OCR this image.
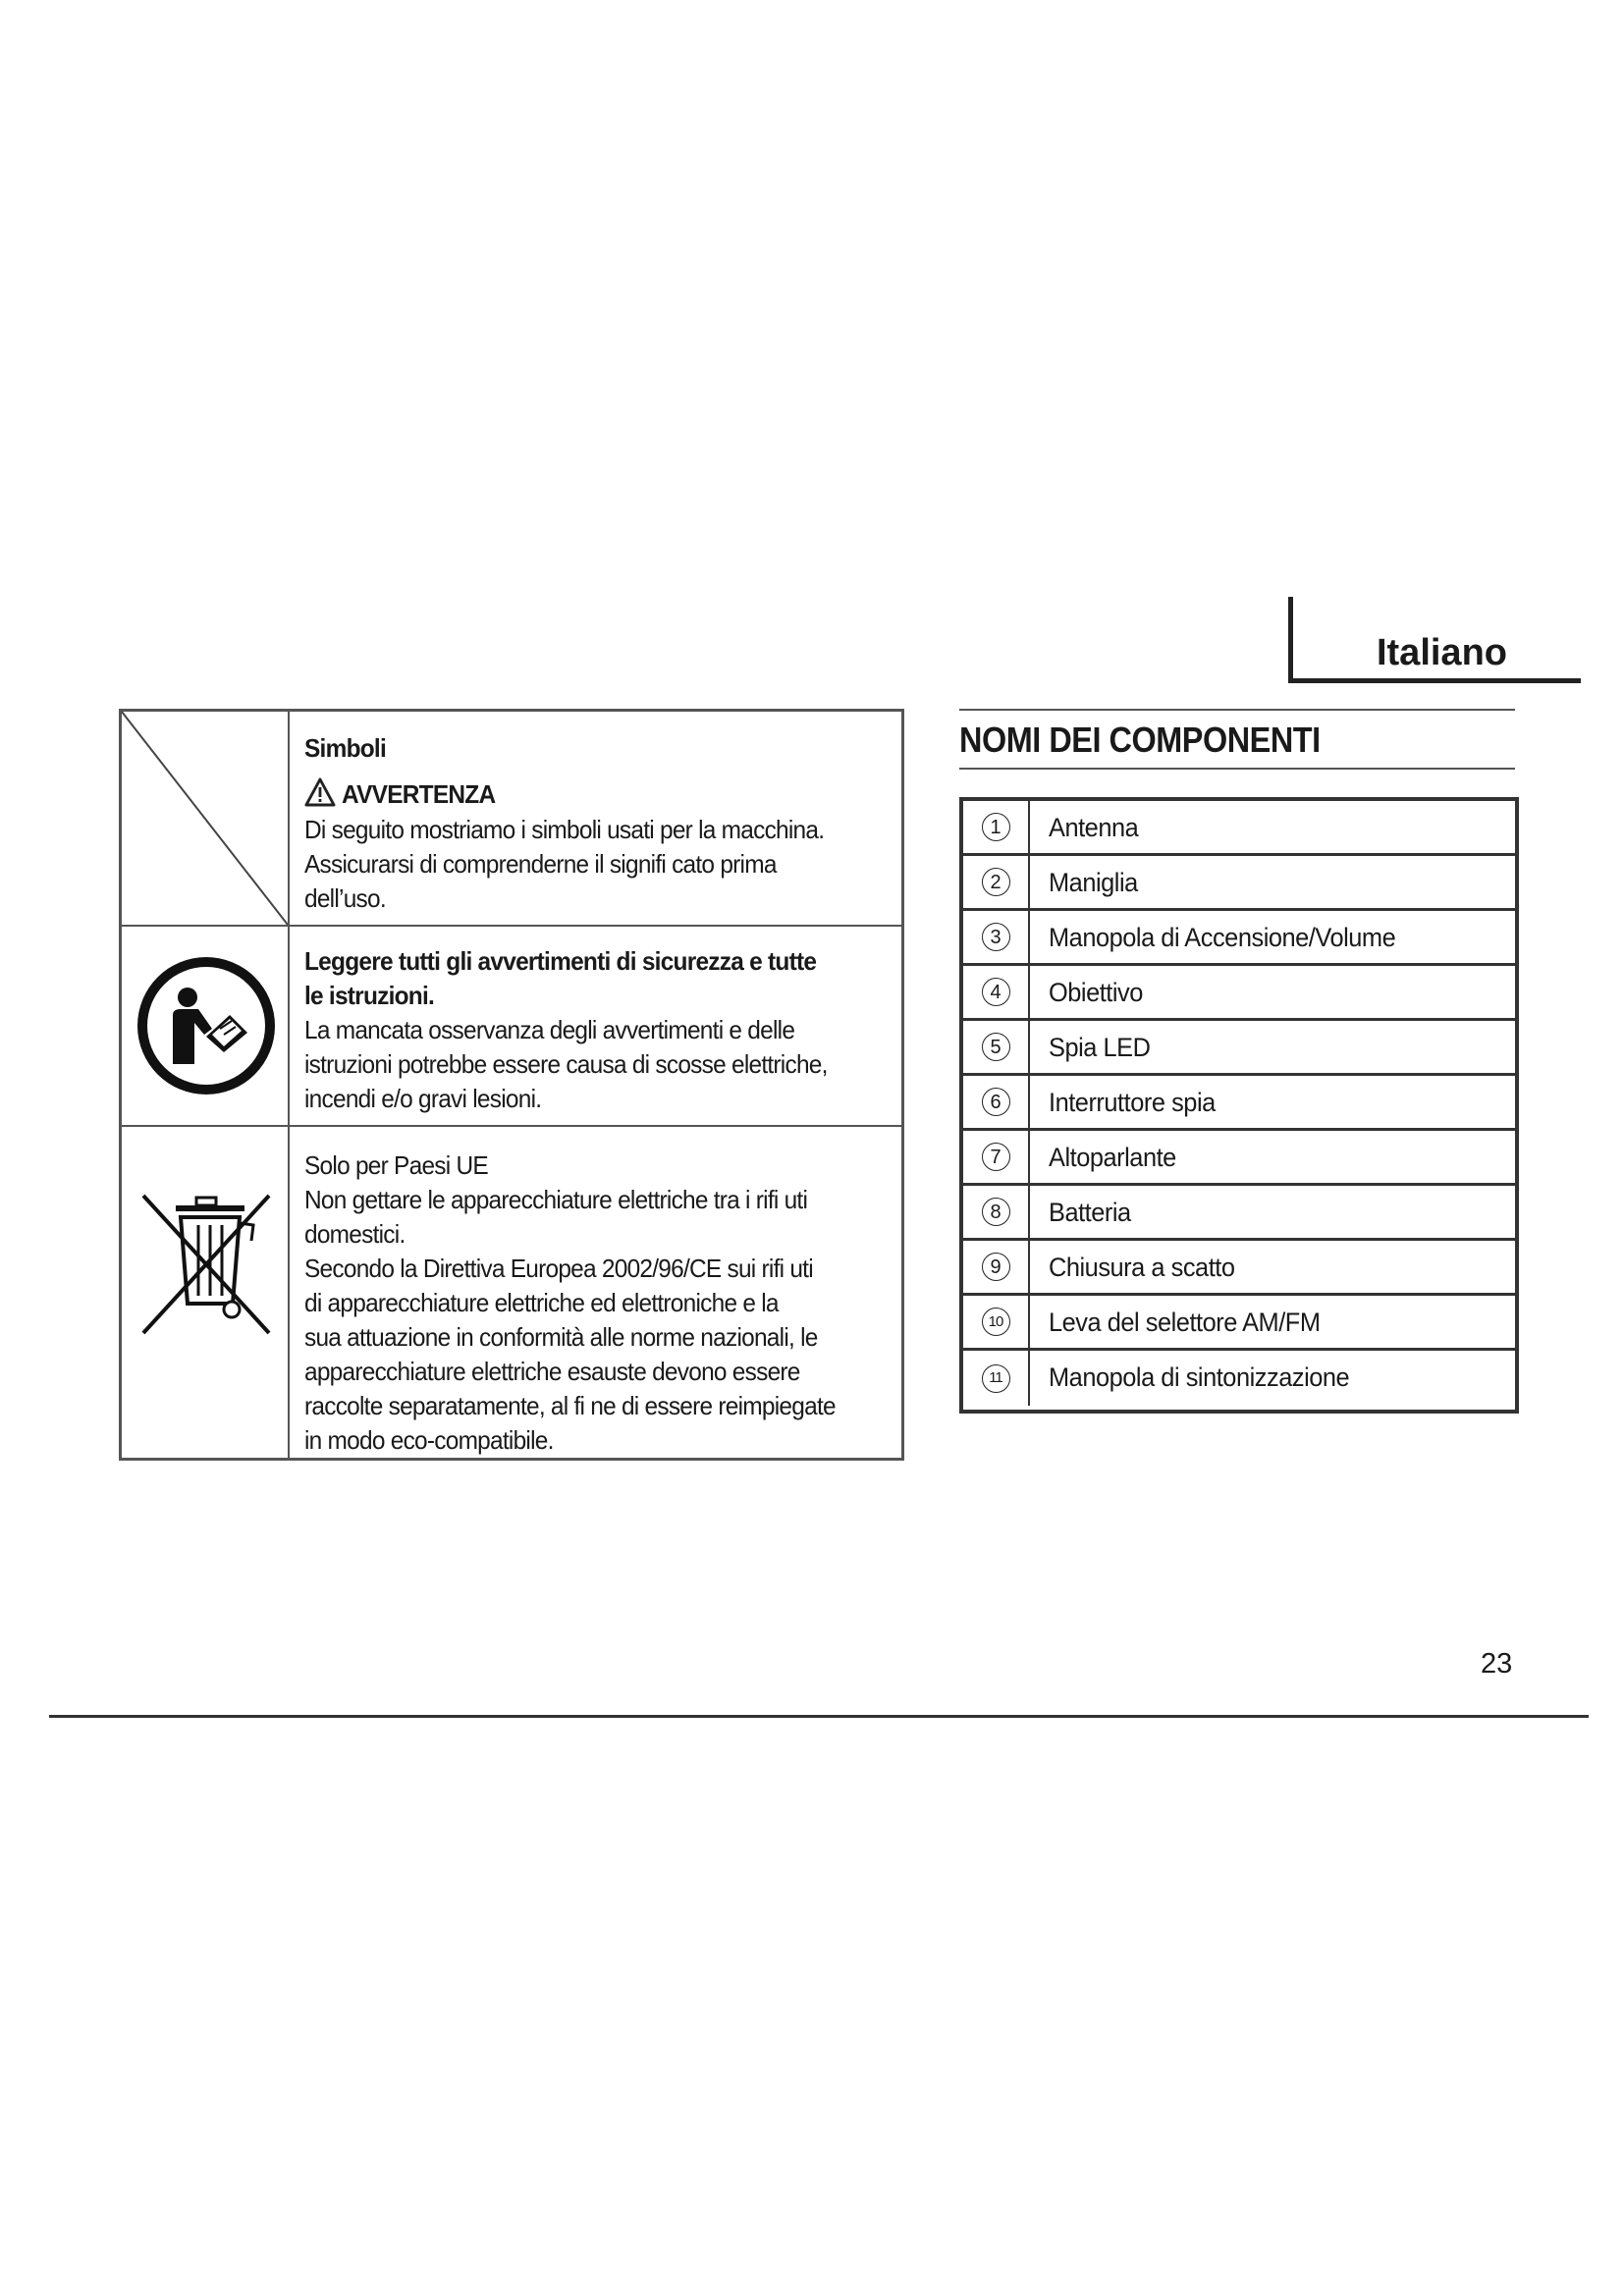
Italiano

Simboli

AVVERTENZA

Di seguito mostriamo i simboli usati per la macchina.

Assicurarsi di comprenderne il signifi cato prima

dell’uso.

Leggere tutti gli avvertimenti di sicurezza e tutte

le istruzioni.

La mancata osservanza degli avvertimenti e delle

istruzioni potrebbe essere causa di scosse elettriche,

incendi e/o gravi lesioni.

Solo per Paesi UE

Non gettare le apparecchiature elettriche tra i rifi uti

domestici.

Secondo la Direttiva Europea 2002/96/CE sui rifi uti

di apparecchiature elettriche ed elettroniche e la

sua attuazione in conformità alle norme nazionali, le

apparecchiature elettriche esauste devono essere

raccolte separatamente, al fi ne di essere reimpiegate

in modo eco-compatibile.

NOMI DEI COMPONENTI
1	Antenna
2	Maniglia
3	Manopola di Accensione/Volume
4	Obiettivo
5	Spia LED
6	Interruttore spia
7	Altoparlante
8	Batteria
9	Chiusura a scatto
10 Leva del selettore AM/FM
11 Manopola di sintonizzazione
23
